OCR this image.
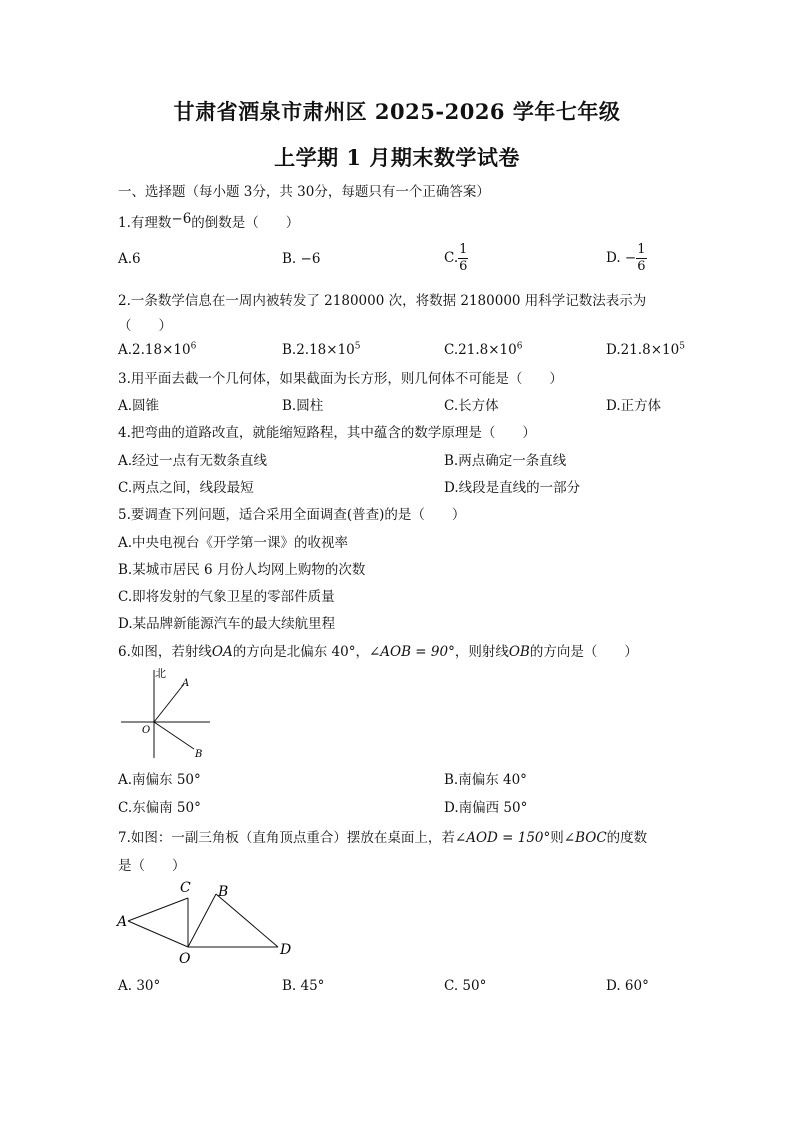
甘肃省酒泉市肃州区 2025-2026 学年七年级
上学期 1 月期末数学试卷
一、选择题（每小题 3分，共 30分，每题只有一个正确答案）
1.有理数−6的倒数是（　　）
A.6	B. −6	C. $\frac{1}{6}$	D. − $\frac{1}{6}$
2.一条数学信息在一周内被转发了 2180000 次，将数据 2180000 用科学记数法表示为
（　　）
$A.2.18\times 10^6$	$B.2.18\times 10^5$	$C.21.8\times 10^6$	$D.21.8\times 10^5$
3.用平面去截一个几何体，如果截面为长方形，则几何体不可能是（　　）
A.圆锥	B.圆柱	C.长方体	D.正方体
4.把弯曲的道路改直，就能缩短路程，其中蕴含的数学原理是（　　）
A.经过一点有无数条直线	B.两点确定一条直线
C.两点之间，线段最短	D.线段是直线的一部分
5.要调查下列问题，适合采用全面调查(普查)的是（　　）
A.中央电视台《开学第一课》的收视率
B.某城市居民 6 月份人均网上购物的次数
C.即将发射的气象卫星的零部件质量
D.某品牌新能源汽车的最大续航里程
6.如图，若射线OA的方向是北偏东 40°，∠AOB = 90°，则射线OB的方向是（　　）
北
A
O
B
A.南偏东 50°	B.南偏东 40°
C.东偏南 50°	D.南偏西 50°
7.如图：一副三角板（直角顶点重合）摆放在桌面上，若∠AOD = 150°则∠BOC的度数
是（　　）
A
C B
D
O
A. 30°	B. 45°	C. 50°	D. 60°
